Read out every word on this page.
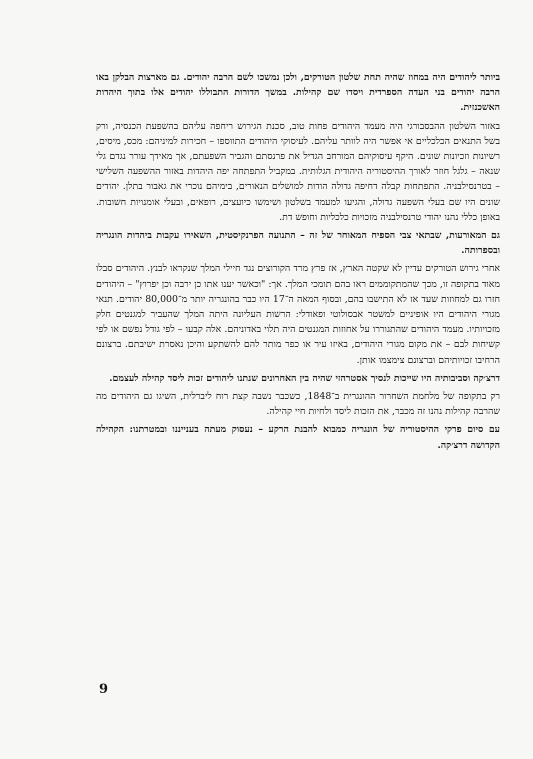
ביותר ליהודים היה במחוז שהיה תחת שלטון הטורקים, ולכן נמשכו לשם הרבה יהודים. גם מארצות הבלקן באו הרבה יהודים בני העדה הספרדית ויסדו שם קהילות. במשך הדורות התבוללו יהודים אלו בתוך היהדות האשכנזית.

באזור השלטון ההבסבורגי היה מעמד היהודים פחות טוב, סכנת הגירוש ריחפה עליהם בהשפעת הכנסיה, ורק בשל התנאים הכלכליים אי אפשר היה לוותר עליהם. לעיסוקי היהודים התווספו – חכירות למיניהם: מכס, מיסים, רשיונות וזכיונות שונים. היקף עיסוקיהם המורחב הגדיל את פרנסתם והגביר השפעתם, אך מאידך עורר נגדם גלי שנאה – גלגל חוזר לאורך ההיסטוריה היהודית הגלותית. במקביל התפתחה יפה היהדות באזור ההשפעה השלישי – בטרנסילבניה. התפתחות קבלה דחיפה גדולה הודות למושלים הנאורים, בימיהם נוכרי את גאבור בתלן. יהודים שונים היו שם בעלי השפעה גדולה, והגיעו למעמד בשלטון ושימשו כיועצים, רופאים, ובעלי אומנויות חשובות. באופן כללי נהנו יהודי טרנסילבניה מזכויות כלכליות וחופש דת.

גם המאורעות, שבתאי צבי הספיח המאוחר של זה – התנועה הפרנקיסטית, השאירו עקבות ביהדות הונגריה ובספרותה.

אחרי גירוש הטורקים עדיין לא שקטה הארץ, אז פרץ מרד הקורוצים נגד חיילי המלך שנקראו לבנץ. היהודים סבלו מאוד בתקופה זו, מכך שהמתקוממים ראו בהם תומכי המלך. אך: "וכאשר יענו אתו כן ירבה וכן יפרוץ" – היהודים חזרו גם למחוזות שעד אז לא התישבו בהם, ובסוף המאה ה־17 היו כבר בהונגריה יותר מ־80,000 יהודים. תנאי מגורי היהודים היו אופיניים למשטר אבסולוטי ופאודלי: הרשות העליונה היתה המלך שהעביר למגנטים חלק מזכויותיו. מעמד היהודים שהתגוררו על אחוזות המגנטים היה תלוי באדוניהם. אלה קבעו – לפי גודל נפשם או לפי קשיחות לבם – את מקום מגורי היהודים, באיזו עיר או כפר מותר להם להשתקע והיכן נאסרת ישיבתם. ברצונם הרחיבו זכויותיהם וברצונם צימצמו אותן.

דרצ׳קה וסביבותיה היו שייכות לנסיך אסטרהזי שהיה בין האחרונים שנתנו ליהודים זכות ליסד קהילה לעצמם.

רק בתקופה של מלחמת השחרור ההונגרית ב־1848, כשכבר נשבה קצת רוח ליברלית, השיגו גם היהודים מה שהרבה קהילות נהנו זה מכבר, את הזכות ליסד ולחיות חיי קהילה.

עם סיום פרקי ההיסטוריה של הונגריה כמבוא להבנת הרקע – נעסוק מעתה בענייננו ובמטרתנו: הקהילה הקדושה דרצ׳קה.

9
